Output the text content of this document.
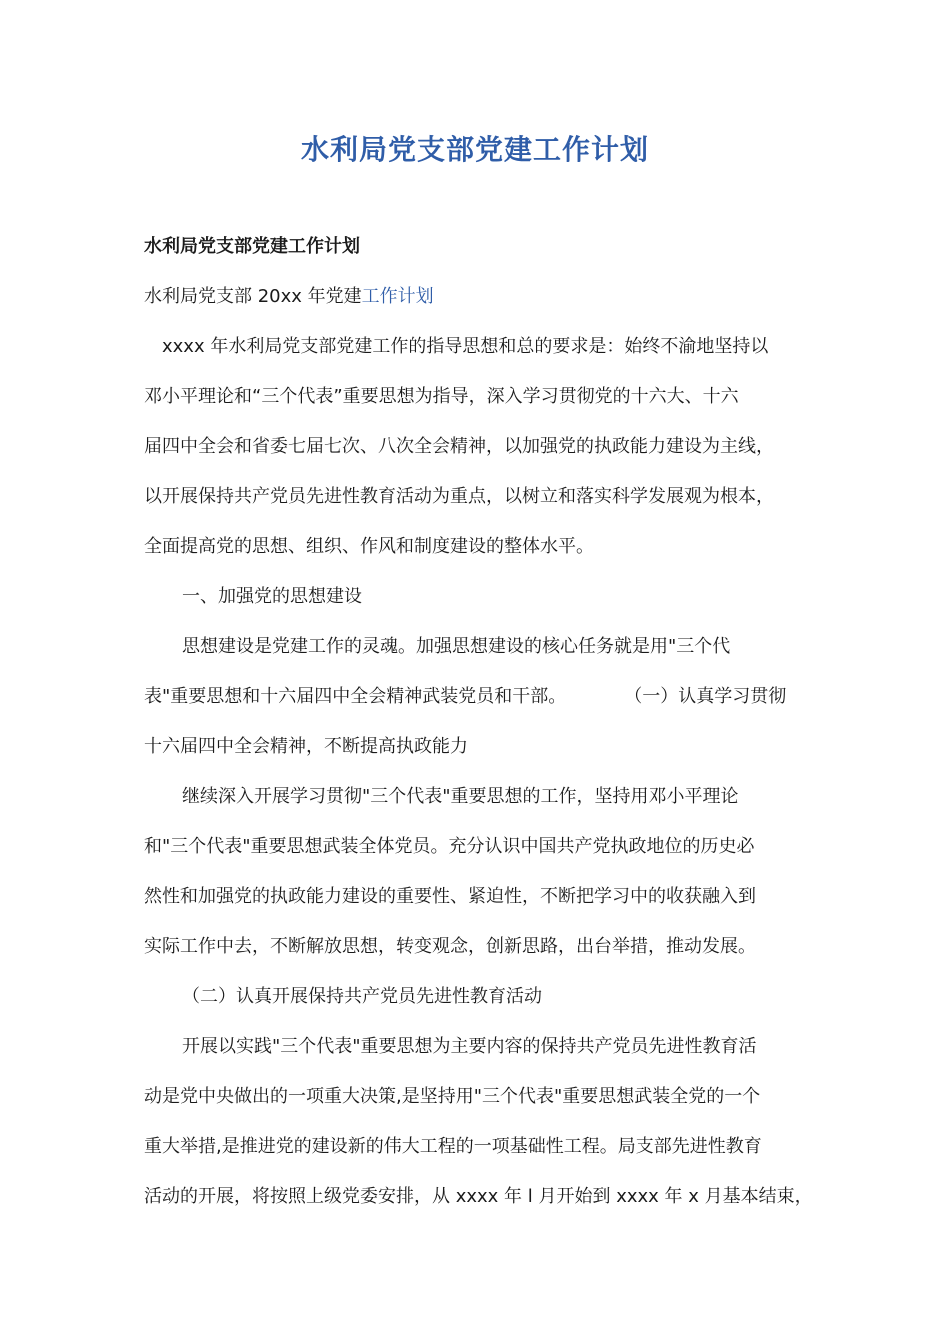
水利局党支部党建工作计划
水利局党支部党建工作计划
水利局党支部 20xx 年党建工作计划
xxxx 年水利局党支部党建工作的指导思想和总的要求是：始终不渝地坚持以
邓小平理论和“三个代表”重要思想为指导，深入学习贯彻党的十六大、十六
届四中全会和省委七届七次、八次全会精神，以加强党的执政能力建设为主线，
以开展保持共产党员先进性教育活动为重点，以树立和落实科学发展观为根本，
全面提高党的思想、组织、作风和制度建设的整体水平。
一、加强党的思想建设
思想建设是党建工作的灵魂。加强思想建设的核心任务就是用"三个代
表"重要思想和十六届四中全会精神武装党员和干部。	（一）认真学习贯彻
十六届四中全会精神，不断提高执政能力
继续深入开展学习贯彻"三个代表"重要思想的工作，坚持用邓小平理论
和"三个代表"重要思想武装全体党员。充分认识中国共产党执政地位的历史必
然性和加强党的执政能力建设的重要性、紧迫性，不断把学习中的收获融入到
实际工作中去，不断解放思想，转变观念，创新思路，出台举措，推动发展。
（二）认真开展保持共产党员先进性教育活动
开展以实践"三个代表"重要思想为主要内容的保持共产党员先进性教育活
动是党中央做出的一项重大决策,是坚持用"三个代表"重要思想武装全党的一个
重大举措,是推进党的建设新的伟大工程的一项基础性工程。局支部先进性教育
活动的开展，将按照上级党委安排，从 xxxx 年 l 月开始到 xxxx 年 x 月基本结束，
